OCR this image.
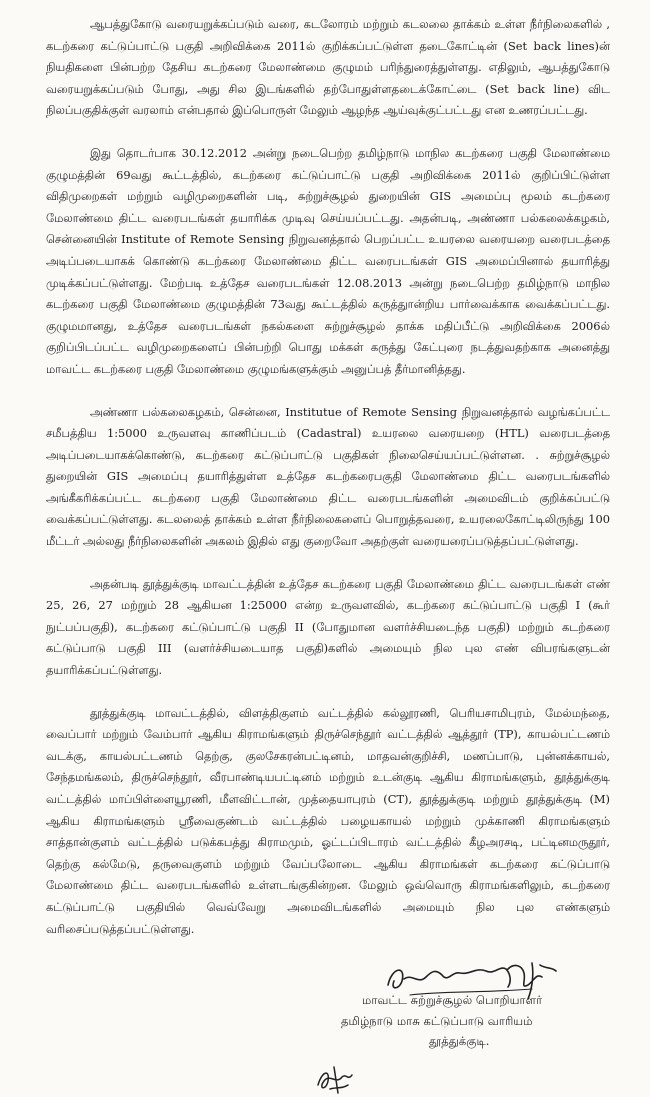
ஆபத்துகோடு வரையறுக்கப்படும் வரை, கடலோரம் மற்றும் கடலலை தாக்கம் உள்ள நீர்நிலைகளில் , கடற்கரை கட்டுப்பாட்டு பகுதி அறிவிக்கை 2011ல் குறிக்கப்பட்டுள்ள தடைகோட்டின் (Set back lines)ன் நியதிகளை பின்பற்ற தேசிய கடற்கரை மேலாண்மை குழுமம் பரிந்துரைத்துள்ளது. எதிலும், ஆபத்துகோடு வரையறுக்கப்படும் போது, அது சில இடங்களில் தற்போதுள்ளதடைக்கோட்டை (Set back line) விட நிலப்பகுதிக்குள் வரலாம் என்பதால் இப்பொருள் மேலும் ஆழந்த ஆய்வுக்குட்பட்டது என உணரப்பட்டது.

இது தொடர்பாக 30.12.2012 அன்று நடைபெற்ற தமிழ்நாடு மாநில கடற்கரை பகுதி மேலாண்மை குழுமத்தின் 69வது கூட்டத்தில், கடற்கரை கட்டுப்பாட்டு பகுதி அறிவிக்கை 2011ல் குறிப்பிட்டுள்ள விதிமுறைகள் மற்றும் வழிமுறைகளின் படி, சுற்றுச்சூழல் துறையின் GIS அமைப்பு மூலம் கடற்கரை மேலாண்மை திட்ட வரைபடங்கள் தயாரிக்க முடிவு செய்யப்பட்டது. அதன்படி, அண்ணா பல்கலைக்கழகம், சென்னையின் Institute of Remote Sensing நிறுவனத்தால் பெறப்பட்ட உயரலை வரையறை வரைபடத்தை அடிப்படையாகக் கொண்டு கடற்கரை மேலாண்மை திட்ட வரைபடங்கள் GIS அமைப்பினால் தயாரித்து முடிக்கப்பட்டுள்ளது. மேற்படி உத்தேச வரைபடங்கள் 12.08.2013 அன்று நடைபெற்ற தமிழ்நாடு மாநில கடற்கரை பகுதி மேலாண்மை குழுமத்தின் 73வது கூட்டத்தில் கருத்துான்றிய பார்வைக்காக வைக்கப்பட்டது. குழுமமானது, உத்தேச வரைபடங்கள் நகல்களை சுற்றுச்சூழல் தாக்க மதிப்பீட்டு அறிவிக்கை 2006ல் குறிப்பிடப்பட்ட வழிமுறைகளைப் பின்பற்றி பொது மக்கள் கருத்து கேட்புரை நடத்துவதற்காக அனைத்து மாவட்ட கடற்கரை பகுதி மேலாண்மை குழுமங்களுக்கும் அனுப்பத் தீர்மானித்தது.

அண்ணா பல்கலைகழகம், சென்னை, Institutue of Remote Sensing நிறுவனத்தால் வழங்கப்பட்ட சமீபத்திய 1:5000 உருவளவு காணிப்படம் (Cadastral) உயரலை வரையறை (HTL) வரைபடத்தை அடிப்படையாகக்கொண்டு, கடற்கரை கட்டுப்பாட்டு பகுதிகள் நிலைசெய்யப்பட்டுள்ளன. . சுற்றுச்சூழல் துறையின் GIS அமைப்பு தயாரித்துள்ள உத்தேச கடற்கரைபகுதி மேலாண்மை திட்ட வரைபடங்களில் அங்கீகரிக்கப்பட்ட கடற்கரை பகுதி மேலாண்மை திட்ட வரைபடங்களின் அமைவிடம் குறிக்கப்பட்டு வைக்கப்பட்டுள்ளது. கடலலைத் தாக்கம் உள்ள நீர்நிலைகளைப் பொறுத்தவரை, உயரலைகோட்டிலிருந்து 100 மீட்டர் அல்லது நீர்நிலைகளின் அகலம் இதில் எது குறைவோ அதற்குள் வரையரைப்படுத்தப்பட்டுள்ளது.

அதன்படி தூத்துக்குடி மாவட்டத்தின் உத்தேச கடற்கரை பகுதி மேலாண்மை திட்ட வரைபடங்கள் எண் 25, 26, 27 மற்றும் 28 ஆகியன 1:25000 என்ற உருவளவில், கடற்கரை கட்டுப்பாட்டு பகுதி I (கூர் நுட்பப்பகுதி), கடற்கரை கட்டுப்பாட்டு பகுதி II (போதுமான வளர்ச்சியடைந்த பகுதி) மற்றும் கடற்கரை கட்டுப்பாடு பகுதி III (வளர்ச்சியடையாத பகுதி)களில் அமையும் நில புல எண் விபரங்களுடன் தயாரிக்கப்பட்டுள்ளது.

தூத்துக்குடி மாவட்டத்தில், விளத்திகுளம் வட்டத்தில் கல்லூரணி, பெரியசாமிபுரம், மேல்மந்தை, வைப்பார் மற்றும் வேம்பார் ஆகிய கிராமங்களும் திருச்செந்தூர் வட்டத்தில் ஆத்தூர் (TP), காயல்பட்டணம் வடக்கு, காயல்பட்டணம் தெற்கு, குலசேகரன்பட்டினம், மாதவன்குறிச்சி, மணப்பாடு, புன்னக்காயல், சேந்தமங்கலம், திருச்செந்தூர், வீரபாண்டியபட்டினம் மற்றும் உடன்குடி ஆகிய கிராமங்களும், தூத்துக்குடி வட்டத்தில் மாப்பிள்ளையூரணி, மீளவிட்டான், முத்தையாபுரம் (CT), தூத்துக்குடி மற்றும் தூத்துக்குடி (M) ஆகிய கிராமங்களும் ஸ்ரீவைகுண்டம் வட்டத்தில் பழையகாயல் மற்றும் முக்காணி கிராமங்களும் சாத்தான்குளம் வட்டத்தில் படுக்கபத்து கிராமமும், ஓட்டப்பிடாரம் வட்டத்தில் கீழஅரசடி, பட்டினமருதூர், தெற்கு கல்மேடு, தருவைகுளம் மற்றும் வேப்பலோடை ஆகிய கிராமங்கள் கடற்கரை கட்டுப்பாடு மேலாண்மை திட்ட வரைபடங்களில் உள்ளடங்குகின்றன. மேலும் ஒவ்வொரு கிராமங்களிலும், கடற்கரை கட்டுப்பாட்டு பகுதியில் வெவ்வேறு அமைவிடங்களில் அமையும் நில புல எண்களும் வரிசைப்படுத்தப்பட்டுள்ளது.

மாவட்ட சுற்றுச்சூழல் பொறியாளர்
தமிழ்நாடு மாசு கட்டுப்பாடு வாரியம்
தூத்துக்குடி.
